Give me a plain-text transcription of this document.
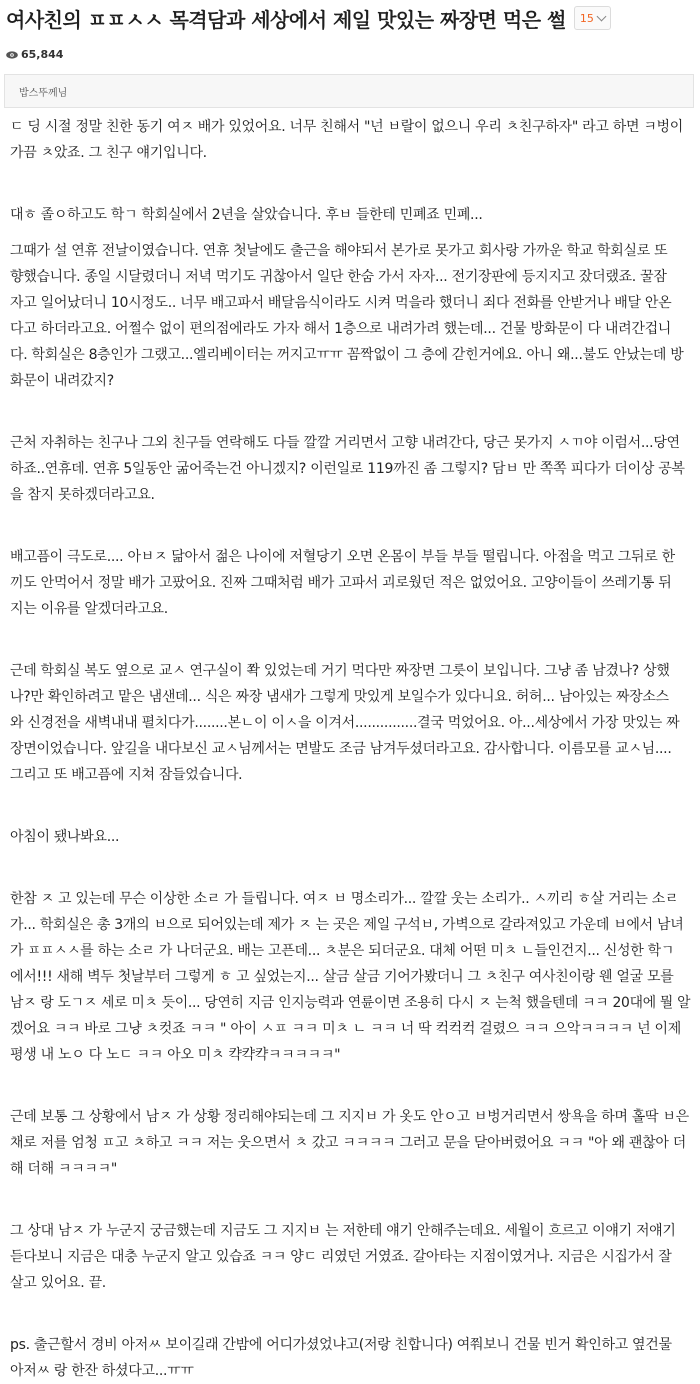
여사친의 ㅍㅍㅅㅅ 목격담과 세상에서 제일 맛있는 짜장면 먹은 썰 15
65,844
밥스뚜께님

ㄷ 딩 시절 정말 친한 동기 여ㅈ 배가 있었어요. 너무 친해서 "넌 ㅂ랄이 없으니 우리 ㅊ친구하자" 라고 하면 ㅋ벙이

가끔 ㅊ았죠. 그 친구 얘기입니다.

대ㅎ 졸ㅇ하고도 학ㄱ 학회실에서 2년을 살았습니다. 후ㅂ 들한테 민폐죠 민폐...

그때가 설 연휴 전날이였습니다. 연휴 첫날에도 출근을 해야되서 본가로 못가고 회사랑 가까운 학교 학회실로 또

향했습니다. 종일 시달렸더니 저녁 먹기도 귀찮아서 일단 한숨 가서 자자... 전기장판에 등지지고 잤더랬죠. 꿀잠

자고 일어났더니 10시정도.. 너무 배고파서 배달음식이라도 시켜 먹을라 했더니 죄다 전화를 안받거나 배달 안온

다고 하더라고요. 어쩔수 없이 편의점에라도 가자 해서 1층으로 내려가려 했는데... 건물 방화문이 다 내려간겁니

다. 학회실은 8층인가 그랬고...엘리베이터는 꺼지고ㅠㅠ 꼼짝없이 그 층에 갇힌거에요. 아니 왜...불도 안났는데 방

화문이 내려갔지?

근처 자취하는 친구나 그외 친구들 연락해도 다들 깔깔 거리면서 고향 내려간다, 당근 못가지 ㅅㄲ야 이럼서...당연

하죠..연휴데. 연휴 5일동안 굶어죽는건 아니겠지? 이런일로 119까진 좀 그렇지? 담ㅂ 만 쪽쪽 피다가 더이상 공복

을 참지 못하겠더라고요.

배고픔이 극도로.... 아ㅂㅈ 닮아서 젊은 나이에 저혈당기 오면 온몸이 부들 부들 떨립니다. 아점을 먹고 그뒤로 한

끼도 안먹어서 정말 배가 고팠어요. 진짜 그때처럼 배가 고파서 괴로웠던 적은 없었어요. 고양이들이 쓰레기통 뒤

지는 이유를 알겠더라고요.

근데 학회실 복도 옆으로 교ㅅ 연구실이 쫙 있었는데 거기 먹다만 짜장면 그릇이 보입니다. 그냥 좀 남겼나? 상했

나?만 확인하려고 맡은 냄샌데... 식은 짜장 냄새가 그렇게 맛있게 보일수가 있다니요. 허허... 남아있는 짜장소스

와 신경전을 새벽내내 펼치다가........본ㄴ이 이ㅅ을 이겨서...............결국 먹었어요. 아...세상에서 가장 맛있는 짜

장면이었습니다. 앞길을 내다보신 교ㅅ님께서는 면발도 조금 남겨두셨더라고요. 감사합니다. 이름모를 교ㅅ님....

그리고 또 배고픔에 지쳐 잠들었습니다.

아침이 됐나봐요...

한참 ㅈ 고 있는데 무슨 이상한 소ㄹ 가 들립니다. 여ㅈ ㅂ 명소리가... 깔깔 웃는 소리가.. ㅅ끼리 ㅎ살 거리는 소ㄹ

가... 학회실은 총 3개의 ㅂ으로 되어있는데 제가 ㅈ 는 곳은 제일 구석ㅂ, 가벽으로 갈라져있고 가운데 ㅂ에서 남녀

가 ㅍㅍㅅㅅ를 하는 소ㄹ 가 나더군요. 배는 고픈데... ㅊ분은 되더군요. 대체 어떤 미ㅊ ㄴ들인건지... 신성한 학ㄱ

에서!!! 새해 벽두 첫날부터 그렇게 ㅎ 고 싶었는지... 살금 살금 기어가봤더니 그 ㅊ친구 여사친이랑 웬 얼굴 모를

남ㅈ 랑 도ㄱㅈ 세로 미ㅊ 듯이... 당연히 지금 인지능력과 연륜이면 조용히 다시 ㅈ 는척 했을텐데 ㅋㅋ 20대에 뭘 알

겠어요 ㅋㅋ 바로 그냥 ㅊ컷죠 ㅋㅋ " 아이 ㅅㅍ ㅋㅋ 미ㅊ ㄴ ㅋㅋ 너 딱 컥컥컥 걸렸으 ㅋㅋ 으악ㅋㅋㅋㅋ 넌 이제

평생 내 노ㅇ 다 노ㄷ ㅋㅋ 아오 미ㅊ 캭캭캭ㅋㅋㅋㅋㅋ"

근데 보통 그 상황에서 남ㅈ 가 상황 정리해야되는데 그 지지ㅂ 가 옷도 안ㅇ고 ㅂ벙거리면서 쌍욕을 하며 홀딱 ㅂ은

채로 저를 엄청 ㅍ고 ㅊ하고 ㅋㅋ 저는 웃으면서 ㅊ 갔고 ㅋㅋㅋㅋ 그러고 문을 닫아버렸어요 ㅋㅋ "아 왜 괜찮아 더

해 더해 ㅋㅋㅋㅋ"

그 상대 남ㅈ 가 누군지 궁금했는데 지금도 그 지지ㅂ 는 저한테 얘기 안해주는데요. 세월이 흐르고 이얘기 저얘기

듣다보니 지금은 대충 누군지 알고 있습죠 ㅋㅋ 양ㄷ 리였던 거였죠. 갈아타는 지점이였거나. 지금은 시집가서 잘

살고 있어요. 끝.

ps. 출근할서 경비 아저ㅆ 보이길래 간밤에 어디가셨었냐고(저랑 친합니다) 여쭤보니 건물 빈거 확인하고 옆건물

아저ㅆ 랑 한잔 하셨다고...ㅠㅠ
